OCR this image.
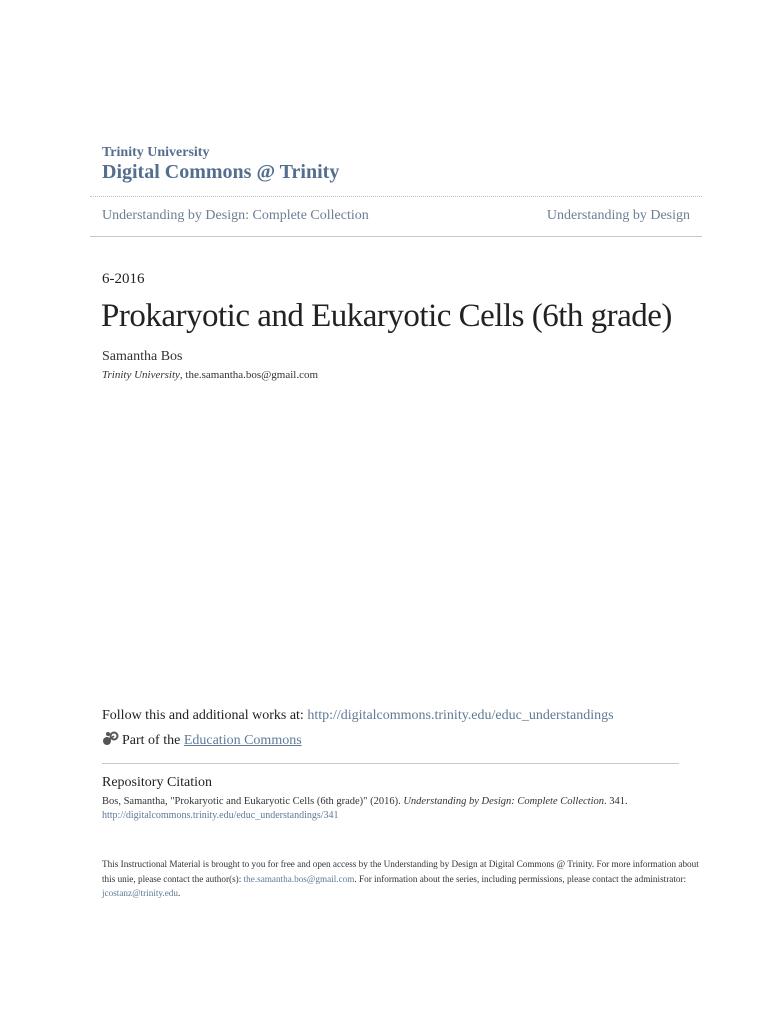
Trinity University
Digital Commons @ Trinity
Understanding by Design: Complete Collection	Understanding by Design
6-2016
Prokaryotic and Eukaryotic Cells (6th grade)
Samantha Bos
Trinity University, the.samantha.bos@gmail.com
Follow this and additional works at: http://digitalcommons.trinity.edu/educ_understandings
Part of the Education Commons
Repository Citation
Bos, Samantha, "Prokaryotic and Eukaryotic Cells (6th grade)" (2016). Understanding by Design: Complete Collection. 341.
http://digitalcommons.trinity.edu/educ_understandings/341
This Instructional Material is brought to you for free and open access by the Understanding by Design at Digital Commons @ Trinity. For more information about this unie, please contact the author(s): the.samantha.bos@gmail.com. For information about the series, including permissions, please contact the administrator: jcostanz@trinity.edu.
